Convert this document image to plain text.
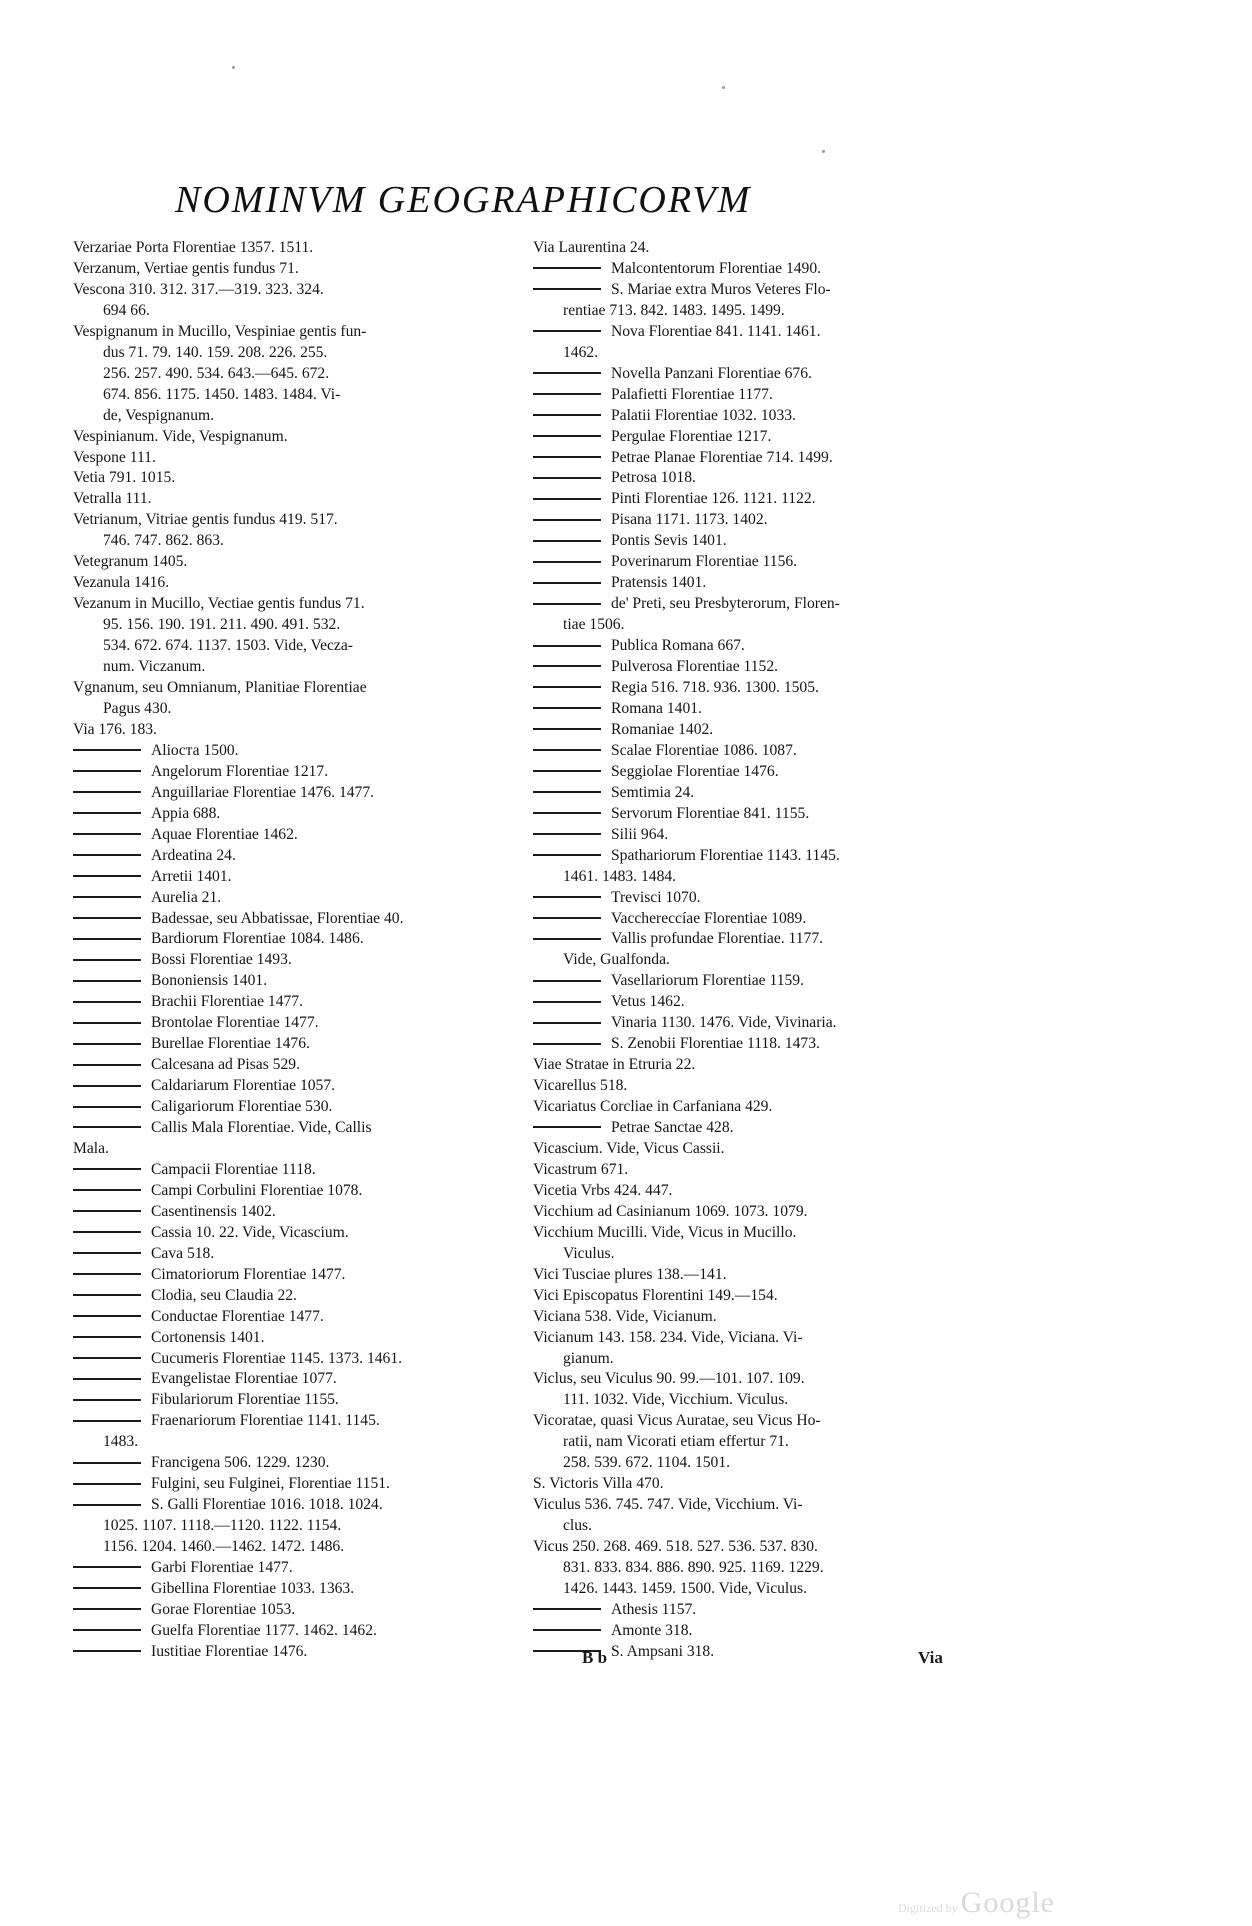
NOMINVM GEOGRAPHICORVM
Verzariae Porta Florentiae 1357. 1511.
Verzanum, Vertiae gentis fundus 71.
Vescona 310. 312. 317.—319. 323. 324.
694 66.
Vespignanum in Mucillo, Vespiniae gentis fun-
dus 71. 79. 140. 159. 208. 226. 255.
256. 257. 490. 534. 643.—645. 672.
674. 856. 1175. 1450. 1483. 1484. Vi-
de, Vespignanum.
Vespinianum. Vide, Vespignanum.
Vespone 111.
Vetia 791. 1015.
Vetralla 111.
Vetrianum, Vitriae gentis fundus 419. 517.
746. 747. 862. 863.
Vetegranum 1405.
Vezanula 1416.
Vezanum in Mucillo, Vectiae gentis fundus 71.
95. 156. 190. 191. 211. 490. 491. 532.
534. 672. 674. 1137. 1503. Vide, Vecza-
num. Viczanum.
Vgnanum, seu Omnianum, Planitiae Florentiae
Pagus 430.
Via 176. 183.
Alioста 1500.
Angelorum Florentiae 1217.
Anguillariae Florentiae 1476. 1477.
Appia 688.
Aquae Florentiae 1462.
Ardeatina 24.
Arretii 1401.
Aurelia 21.
Badessae, seu Abbatissae, Florentiae 40.
Bardiorum Florentiae 1084. 1486.
Bossi Florentiae 1493.
Bononiensis 1401.
Brachii Florentiae 1477.
Brontolae Florentiae 1477.
Burellae Florentiae 1476.
Calcesana ad Pisas 529.
Caldariarum Florentiae 1057.
Caligariorum Florentiae 530.
Callis Mala Florentiae. Vide, Callis
Mala.
Campacii Florentiae 1118.
Campi Corbulini Florentiae 1078.
Casentinensis 1402.
Cassia 10. 22. Vide, Vicascium.
Cava 518.
Cimatoriorum Florentiae 1477.
Clodia, seu Claudia 22.
Conductae Florentiae 1477.
Cortonensis 1401.
Cucumeris Florentiae 1145. 1373. 1461.
Evangelistae Florentiae 1077.
Fibulariorum Florentiae 1155.
Fraenariorum Florentiae 1141. 1145.
1483.
Francigena 506. 1229. 1230.
Fulgini, seu Fulginei, Florentiae 1151.
S. Galli Florentiae 1016. 1018. 1024.
1025. 1107. 1118.—1120. 1122. 1154.
1156. 1204. 1460.—1462. 1472. 1486.
Garbi Florentiae 1477.
Gibellina Florentiae 1033. 1363.
Gorae Florentiae 1053.
Guelfa Florentiae 1177. 1462. 1462.
Iustitiae Florentiae 1476.
Via Laurentina 24.
Malcontentorum Florentiae 1490.
S. Mariae extra Muros Veteres Flo-
rentiae 713. 842. 1483. 1495. 1499.
Nova Florentiae 841. 1141. 1461.
1462.
Novella Panzani Florentiae 676.
Palafietti Florentiae 1177.
Palatii Florentiae 1032. 1033.
Pergulae Florentiae 1217.
Petrae Planae Florentiae 714. 1499.
Petrosa 1018.
Pinti Florentiae 126. 1121. 1122.
Pisana 1171. 1173. 1402.
Pontis Sevis 1401.
Poverinarum Florentiae 1156.
Pratensis 1401.
de' Preti, seu Presbyterorum, Floren-
tiae 1506.
Publica Romana 667.
Pulverosa Florentiae 1152.
Regia 516. 718. 936. 1300. 1505.
Romana 1401.
Romaniae 1402.
Scalae Florentiae 1086. 1087.
Seggiolae Florentiae 1476.
Semtimia 24.
Servorum Florentiae 841. 1155.
Silii 964.
Spathariorum Florentiae 1143. 1145.
1461. 1483. 1484.
Trevisci 1070.
Vacchereccíae Florentiae 1089.
Vallis profundae Florentiae. 1177.
Vide, Gualfonda.
Vasellariorum Florentiae 1159.
Vetus 1462.
Vinaria 1130. 1476. Vide, Vivinaria.
S. Zenobii Florentiae 1118. 1473.
Viae Stratae in Etruria 22.
Vicarellus 518.
Vicariatus Corcliae in Carfaniana 429.
Petrae Sanctae 428.
Vicascium. Vide, Vicus Cassii.
Vicastrum 671.
Vicetia Vrbs 424. 447.
Vicchium ad Casinianum 1069. 1073. 1079.
Vicchium Mucilli. Vide, Vicus in Mucillo.
Viculus.
Vici Tusciae plures 138.—141.
Vici Episcopatus Florentini 149.—154.
Viciana 538. Vide, Vicianum.
Vicianum 143. 158. 234. Vide, Viciana. Vi-
gianum.
Viclus, seu Viculus 90. 99.—101. 107. 109.
111. 1032. Vide, Vicchium. Viculus.
Vicoratae, quasi Vicus Auratae, seu Vicus Ho-
ratii, nam Vicorati etiam effertur 71.
258. 539. 672. 1104. 1501.
S. Victoris Villa 470.
Viculus 536. 745. 747. Vide, Vicchium. Vi-
clus.
Vicus 250. 268. 469. 518. 527. 536. 537. 830.
831. 833. 834. 886. 890. 925. 1169. 1229.
1426. 1443. 1459. 1500. Vide, Viculus.
Athesis 1157.
Amonte 318.
S. Ampsani 318.
B b	Via
Digitized by Google
